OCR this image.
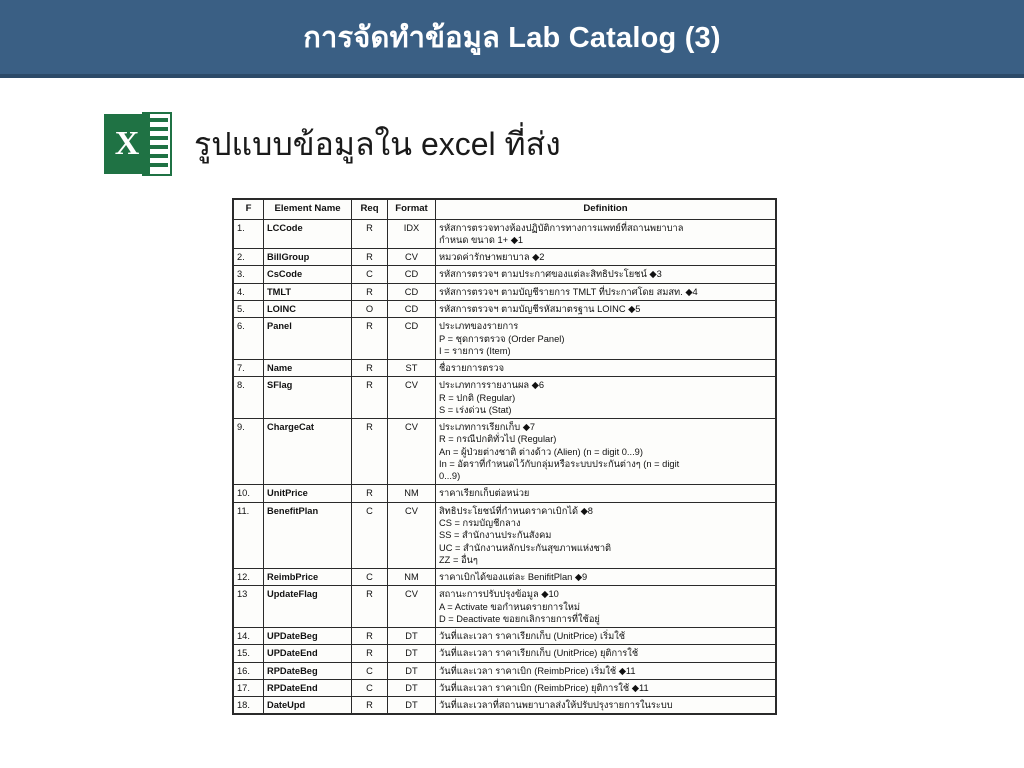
การจัดทำข้อมูล Lab Catalog (3)
X	รูปแบบข้อมูลใน excel ที่ส่ง
F	Element Name	Req	Format	Definition
1.	LCCode	R	IDX	รหัสการตรวจทางห้องปฏิบัติการทางการแพทย์ที่สถานพยาบาล
กำหนด ขนาด 1+ ◆1

2.	BillGroup	R	CV	หมวดค่ารักษาพยาบาล ◆2

3.	CsCode	C	CD	รหัสการตรวจฯ ตามประกาศของแต่ละสิทธิประโยชน์ ◆3

4.	TMLT	R	CD	รหัสการตรวจฯ ตามบัญชีรายการ TMLT ที่ประกาศโดย สมสท. ◆4

5.	LOINC	O	CD	รหัสการตรวจฯ ตามบัญชีรหัสมาตรฐาน LOINC ◆5

6.	Panel	R	CD	ประเภทของรายการ
P = ชุดการตรวจ (Order Panel)
I = รายการ (Item)

7.	Name	R	ST	ชื่อรายการตรวจ

8.	SFlag	R	CV	ประเภทการรายงานผล ◆6
R = ปกติ (Regular)
S = เร่งด่วน (Stat)

9.	ChargeCat	R	CV	ประเภทการเรียกเก็บ ◆7
R = กรณีปกติทั่วไป (Regular)
An = ผู้ป่วยต่างชาติ ต่างด้าว (Alien) (n = digit 0...9)
In = อัตราที่กำหนดไว้กับกลุ่มหรือระบบประกันต่างๆ (n = digit
0...9)

10.	UnitPrice	R	NM	ราคาเรียกเก็บต่อหน่วย

11.	BenefitPlan	C	CV	สิทธิประโยชน์ที่กำหนดราคาเบิกได้ ◆8
CS = กรมบัญชีกลาง
SS = สำนักงานประกันสังคม
UC = สำนักงานหลักประกันสุขภาพแห่งชาติ
ZZ = อื่นๆ

12.	ReimbPrice	C	NM	ราคาเบิกได้ของแต่ละ BenifitPlan ◆9

13	UpdateFlag	R	CV	สถานะการปรับปรุงข้อมูล ◆10
A = Activate ขอกำหนดรายการใหม่
D = Deactivate ขอยกเลิกรายการที่ใช้อยู่

14.	UPDateBeg	R	DT	วันที่และเวลา ราคาเรียกเก็บ (UnitPrice) เริ่มใช้

15.	UPDateEnd	R	DT	วันที่และเวลา ราคาเรียกเก็บ (UnitPrice) ยุติการใช้

16.	RPDateBeg	C	DT	วันที่และเวลา ราคาเบิก (ReimbPrice) เริ่มใช้ ◆11

17.	RPDateEnd	C	DT	วันที่และเวลา ราคาเบิก (ReimbPrice) ยุติการใช้ ◆11

18.	DateUpd	R	DT	วันที่และเวลาที่สถานพยาบาลส่งให้ปรับปรุงรายการในระบบ
